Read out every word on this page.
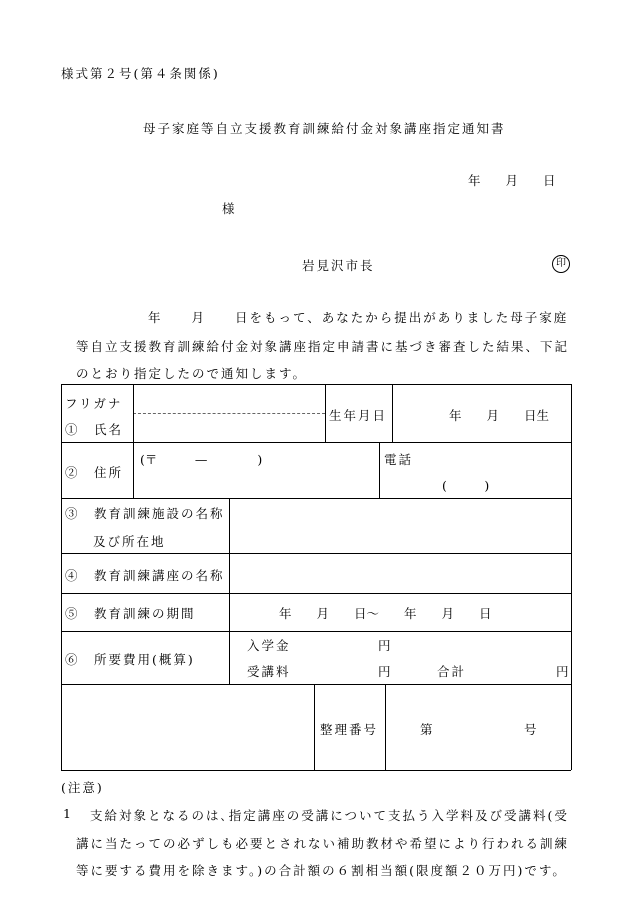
様式第２号(第４条関係)
母子家庭等自立支援教育訓練給付金対象講座指定通知書
年　　月　　日
様
岩見沢市長	印
年　　月　　日をもって、あなたから提出がありました母子家庭
等自立支援教育訓練給付金対象講座指定申請書に基づき審査した結果、下記
のとおり指定したので通知します。
フリガナ
①　氏名
生年月日	年　　月　　日生
②　住所
(〒　　　—　　　　)	電話
(　　　)
③　教育訓練施設の名称
及び所在地
④　教育訓練講座の名称
⑤　教育訓練の期間	年　　月　　日～　　年　　月　　日
⑥　所要費用(概算)
入学金	円
受講料	円	合計	円
整理番号	第	号
(注意)
1 支給対象となるのは､指定講座の受講について支払う入学料及び受講料(受
講に当たっての必ずしも必要とされない補助教材や希望により行われる訓練
等に要する費用を除きます。)の合計額の６割相当額(限度額２０万円)です。
